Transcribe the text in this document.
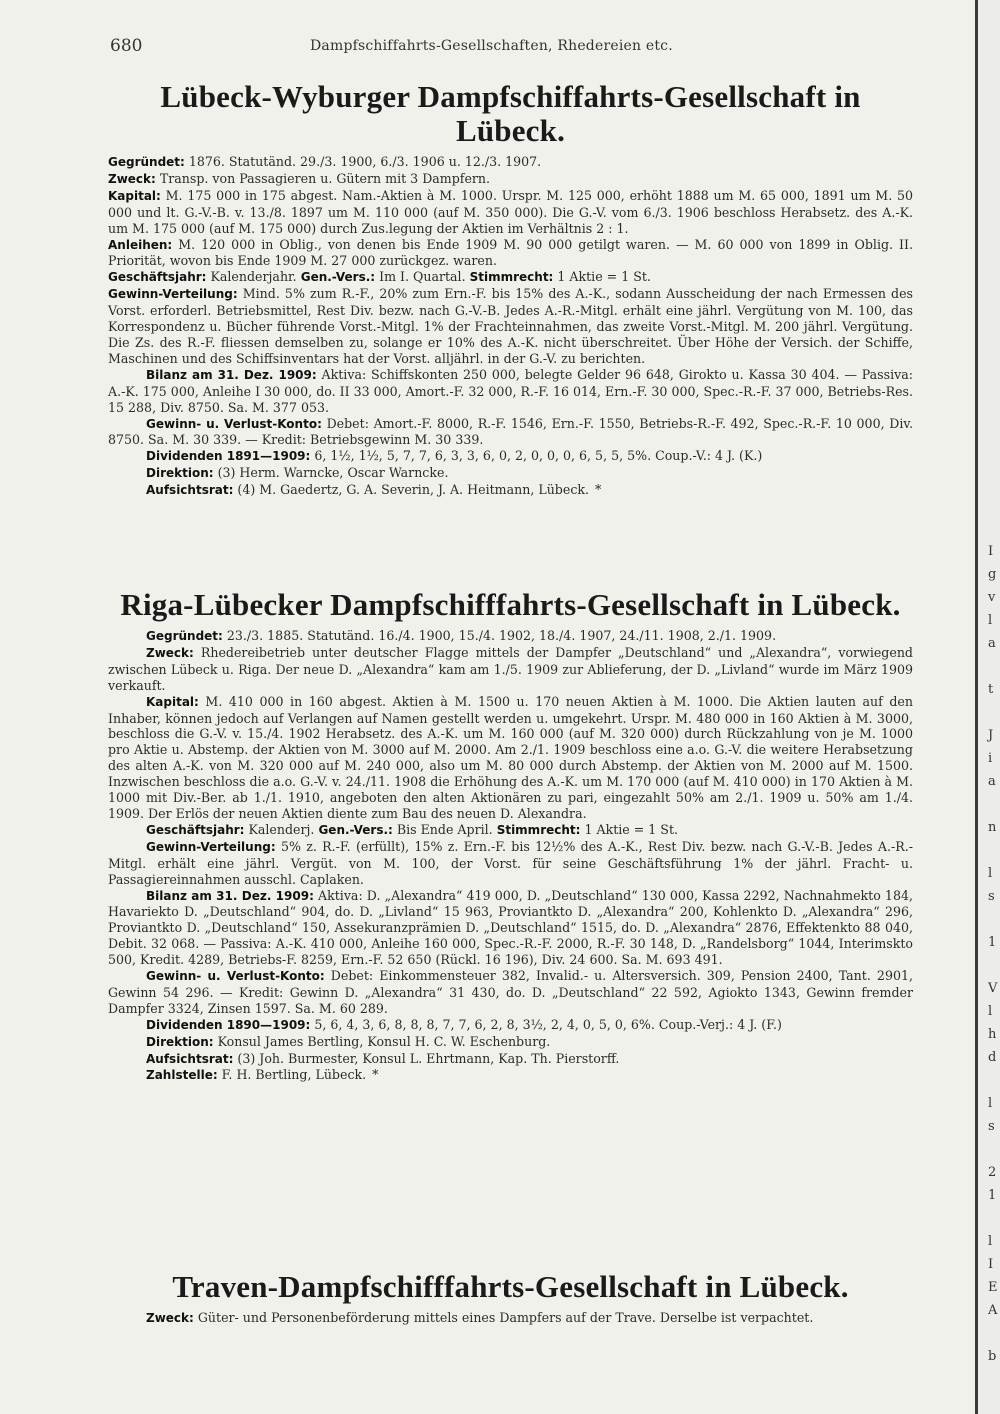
680	Dampfschiffahrts-Gesellschaften, Rhedereien etc.
Lübeck-Wyburger Dampfschiffahrts-Gesellschaft in Lübeck.

Gegründet: 1876. Statutänd. 29./3. 1900, 6./3. 1906 u. 12./3. 1907.

Zweck: Transp. von Passagieren u. Gütern mit 3 Dampfern.

Kapital: M. 175 000 in 175 abgest. Nam.-Aktien à M. 1000. Urspr. M. 125 000, erhöht 1888 um M. 65 000, 1891 um M. 50 000 und lt. G.-V.-B. v. 13./8. 1897 um M. 110 000 (auf M. 350 000). Die G.-V. vom 6./3. 1906 beschloss Herabsetz. des A.-K. um M. 175 000 (auf M. 175 000) durch Zus.legung der Aktien im Verhältnis 2 : 1.

Anleihen: M. 120 000 in Oblig., von denen bis Ende 1909 M. 90 000 getilgt waren. — M. 60 000 von 1899 in Oblig. II. Priorität, wovon bis Ende 1909 M. 27 000 zurückgez. waren.

Geschäftsjahr: Kalenderjahr. Gen.-Vers.: Im I. Quartal. Stimmrecht: 1 Aktie = 1 St.

Gewinn-Verteilung: Mind. 5% zum R.-F., 20% zum Ern.-F. bis 15% des A.-K., sodann Ausscheidung der nach Ermessen des Vorst. erforderl. Betriebsmittel, Rest Div. bezw. nach G.-V.-B. Jedes A.-R.-Mitgl. erhält eine jährl. Vergütung von M. 100, das Korrespondenz u. Bücher führende Vorst.-Mitgl. 1% der Frachteinnahmen, das zweite Vorst.-Mitgl. M. 200 jährl. Vergütung. Die Zs. des R.-F. fliessen demselben zu, solange er 10% des A.-K. nicht überschreitet. Über Höhe der Versich. der Schiffe, Maschinen und des Schiffsinventars hat der Vorst. alljährl. in der G.-V. zu berichten.

Bilanz am 31. Dez. 1909: Aktiva: Schiffskonten 250 000, belegte Gelder 96 648, Girokto u. Kassa 30 404. — Passiva: A.-K. 175 000, Anleihe I 30 000, do. II 33 000, Amort.-F. 32 000, R.-F. 16 014, Ern.-F. 30 000, Spec.-R.-F. 37 000, Betriebs-Res. 15 288, Div. 8750. Sa. M. 377 053.

Gewinn- u. Verlust-Konto: Debet: Amort.-F. 8000, R.-F. 1546, Ern.-F. 1550, Betriebs-R.-F. 492, Spec.-R.-F. 10 000, Div. 8750. Sa. M. 30 339. — Kredit: Betriebsgewinn M. 30 339.

Dividenden 1891—1909: 6, 1½, 1½, 5, 7, 7, 6, 3, 3, 6, 0, 2, 0, 0, 0, 6, 5, 5, 5%. Coup.-V.: 4 J. (K.)

Direktion: (3) Herm. Warncke, Oscar Warncke.

Aufsichtsrat: (4) M. Gaedertz, G. A. Severin, J. A. Heitmann, Lübeck. *

Riga-Lübecker Dampfschifffahrts-Gesellschaft in Lübeck.

Gegründet: 23./3. 1885. Statutänd. 16./4. 1900, 15./4. 1902, 18./4. 1907, 24./11. 1908, 2./1. 1909.

Zweck: Rhedereibetrieb unter deutscher Flagge mittels der Dampfer „Deutschland“ und „Alexandra“, vorwiegend zwischen Lübeck u. Riga. Der neue D. „Alexandra“ kam am 1./5. 1909 zur Ablieferung, der D. „Livland“ wurde im März 1909 verkauft.

Kapital: M. 410 000 in 160 abgest. Aktien à M. 1500 u. 170 neuen Aktien à M. 1000. Die Aktien lauten auf den Inhaber, können jedoch auf Verlangen auf Namen gestellt werden u. umgekehrt. Urspr. M. 480 000 in 160 Aktien à M. 3000, beschloss die G.-V. v. 15./4. 1902 Herabsetz. des A.-K. um M. 160 000 (auf M. 320 000) durch Rückzahlung von je M. 1000 pro Aktie u. Abstemp. der Aktien von M. 3000 auf M. 2000. Am 2./1. 1909 beschloss eine a.o. G.-V. die weitere Herabsetzung des alten A.-K. von M. 320 000 auf M. 240 000, also um M. 80 000 durch Abstemp. der Aktien von M. 2000 auf M. 1500. Inzwischen beschloss die a.o. G.-V. v. 24./11. 1908 die Erhöhung des A.-K. um M. 170 000 (auf M. 410 000) in 170 Aktien à M. 1000 mit Div.-Ber. ab 1./1. 1910, angeboten den alten Aktionären zu pari, eingezahlt 50% am 2./1. 1909 u. 50% am 1./4. 1909. Der Erlös der neuen Aktien diente zum Bau des neuen D. Alexandra.

Geschäftsjahr: Kalenderj. Gen.-Vers.: Bis Ende April. Stimmrecht: 1 Aktie = 1 St.

Gewinn-Verteilung: 5% z. R.-F. (erfüllt), 15% z. Ern.-F. bis 12½% des A.-K., Rest Div. bezw. nach G.-V.-B. Jedes A.-R.-Mitgl. erhält eine jährl. Vergüt. von M. 100, der Vorst. für seine Geschäftsführung 1% der jährl. Fracht- u. Passagiereinnahmen ausschl. Caplaken.

Bilanz am 31. Dez. 1909: Aktiva: D. „Alexandra“ 419 000, D. „Deutschland“ 130 000, Kassa 2292, Nachnahmekto 184, Havariekto D. „Deutschland“ 904, do. D. „Livland“ 15 963, Proviantkto D. „Alexandra“ 200, Kohlenkto D. „Alexandra“ 296, Proviantkto D. „Deutschland“ 150, Assekuranzprämien D. „Deutschland“ 1515, do. D. „Alexandra“ 2876, Effektenkto 88 040, Debit. 32 068. — Passiva: A.-K. 410 000, Anleihe 160 000, Spec.-R.-F. 2000, R.-F. 30 148, D. „Randelsborg“ 1044, Interimskto 500, Kredit. 4289, Betriebs-F. 8259, Ern.-F. 52 650 (Rückl. 16 196), Div. 24 600. Sa. M. 693 491.

Gewinn- u. Verlust-Konto: Debet: Einkommensteuer 382, Invalid.- u. Altersversich. 309, Pension 2400, Tant. 2901, Gewinn 54 296. — Kredit: Gewinn D. „Alexandra“ 31 430, do. D. „Deutschland“ 22 592, Agiokto 1343, Gewinn fremder Dampfer 3324, Zinsen 1597. Sa. M. 60 289.

Dividenden 1890—1909: 5, 6, 4, 3, 6, 8, 8, 8, 7, 7, 6, 2, 8, 3½, 2, 4, 0, 5, 0, 6%. Coup.-Verj.: 4 J. (F.)

Direktion: Konsul James Bertling, Konsul H. C. W. Eschenburg.

Aufsichtsrat: (3) Joh. Burmester, Konsul L. Ehrtmann, Kap. Th. Pierstorff.

Zahlstelle: F. H. Bertling, Lübeck. *

Traven-Dampfschifffahrts-Gesellschaft in Lübeck.

Zweck: Güter- und Personenbeförderung mittels eines Dampfers auf der Trave. Derselbe ist verpachtet.

I
g
v
l
a
t
J
i
a
n
l
s
1
V
l
h
d
l
s
2
1
l
I
E
A
b
